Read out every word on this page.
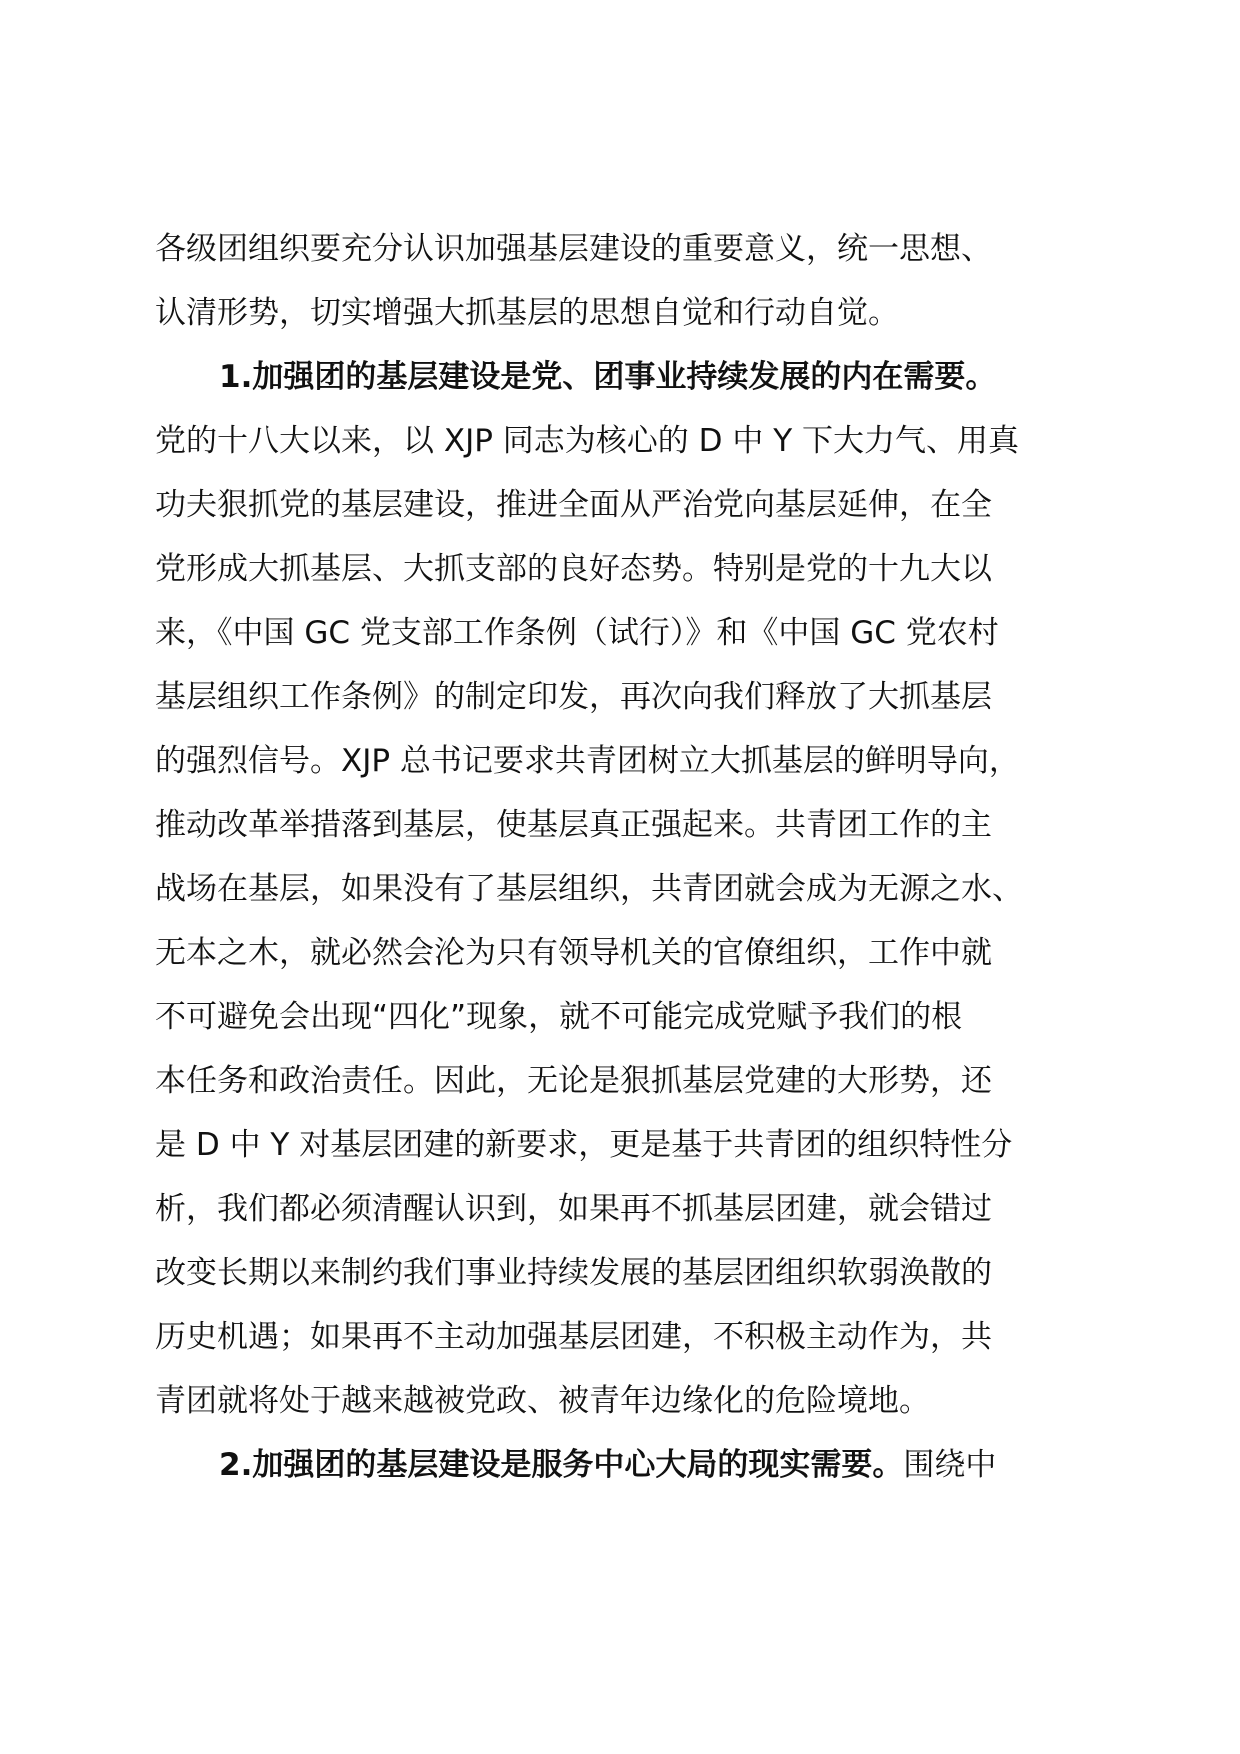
各级团组织要充分认识加强基层建设的重要意义，统一思想、
认清形势，切实增强大抓基层的思想自觉和行动自觉。
1.加强团的基层建设是党、团事业持续发展的内在需要。
党的十八大以来，以 XJP 同志为核心的 D 中 Y 下大力气、用真
功夫狠抓党的基层建设，推进全面从严治党向基层延伸，在全
党形成大抓基层、大抓支部的良好态势。特别是党的十九大以
来，《中国 GC 党支部工作条例（试行）》和《中国 GC 党农村
基层组织工作条例》的制定印发，再次向我们释放了大抓基层
的强烈信号。XJP 总书记要求共青团树立大抓基层的鲜明导向，
推动改革举措落到基层，使基层真正强起来。共青团工作的主
战场在基层，如果没有了基层组织，共青团就会成为无源之水、
无本之木，就必然会沦为只有领导机关的官僚组织，工作中就
不可避免会出现“四化”现象，就不可能完成党赋予我们的根
本任务和政治责任。因此，无论是狠抓基层党建的大形势，还
是 D 中 Y 对基层团建的新要求，更是基于共青团的组织特性分
析，我们都必须清醒认识到，如果再不抓基层团建，就会错过
改变长期以来制约我们事业持续发展的基层团组织软弱涣散的
历史机遇；如果再不主动加强基层团建，不积极主动作为，共
青团就将处于越来越被党政、被青年边缘化的危险境地。
2.加强团的基层建设是服务中心大局的现实需要。围绕中
